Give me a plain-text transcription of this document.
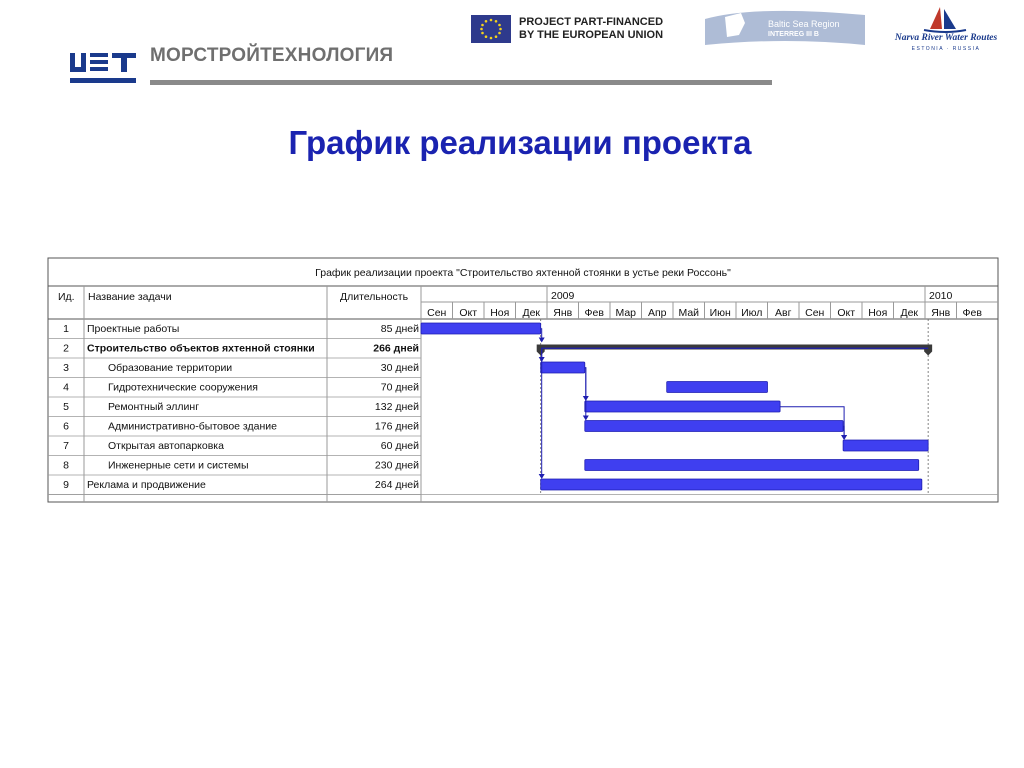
МОРСТРОЙТЕХНОЛОГИЯ
PROJECT PART-FINANCED
BY THE EUROPEAN UNION
Baltic Sea Region
INTERREG III B	Narva River Water Routes
ESTONIA · RUSSIA
График реализации проекта
График реализации проекта "Строительство яхтенной стоянки в устье реки Россонь"
Ид. Название задачи	Длительность	2009	2010
Сен Окт Ноя Дек Янв Фев Мар Апр Май Июн Июл Авг Сен Окт Ноя Дек Янв Фев
1 Проектные работы	85 дней
2 Строительство объектов яхтенной стоянки	266 дней
3	Образование территории	30 дней
4	Гидротехнические сооружения	70 дней
5	Ремонтный эллинг	132 дней
6	Административно-бытовое здание	176 дней
7	Открытая автопарковка	60 дней
8	Инженерные сети и системы	230 дней
9 Реклама и продвижение	264 дней
